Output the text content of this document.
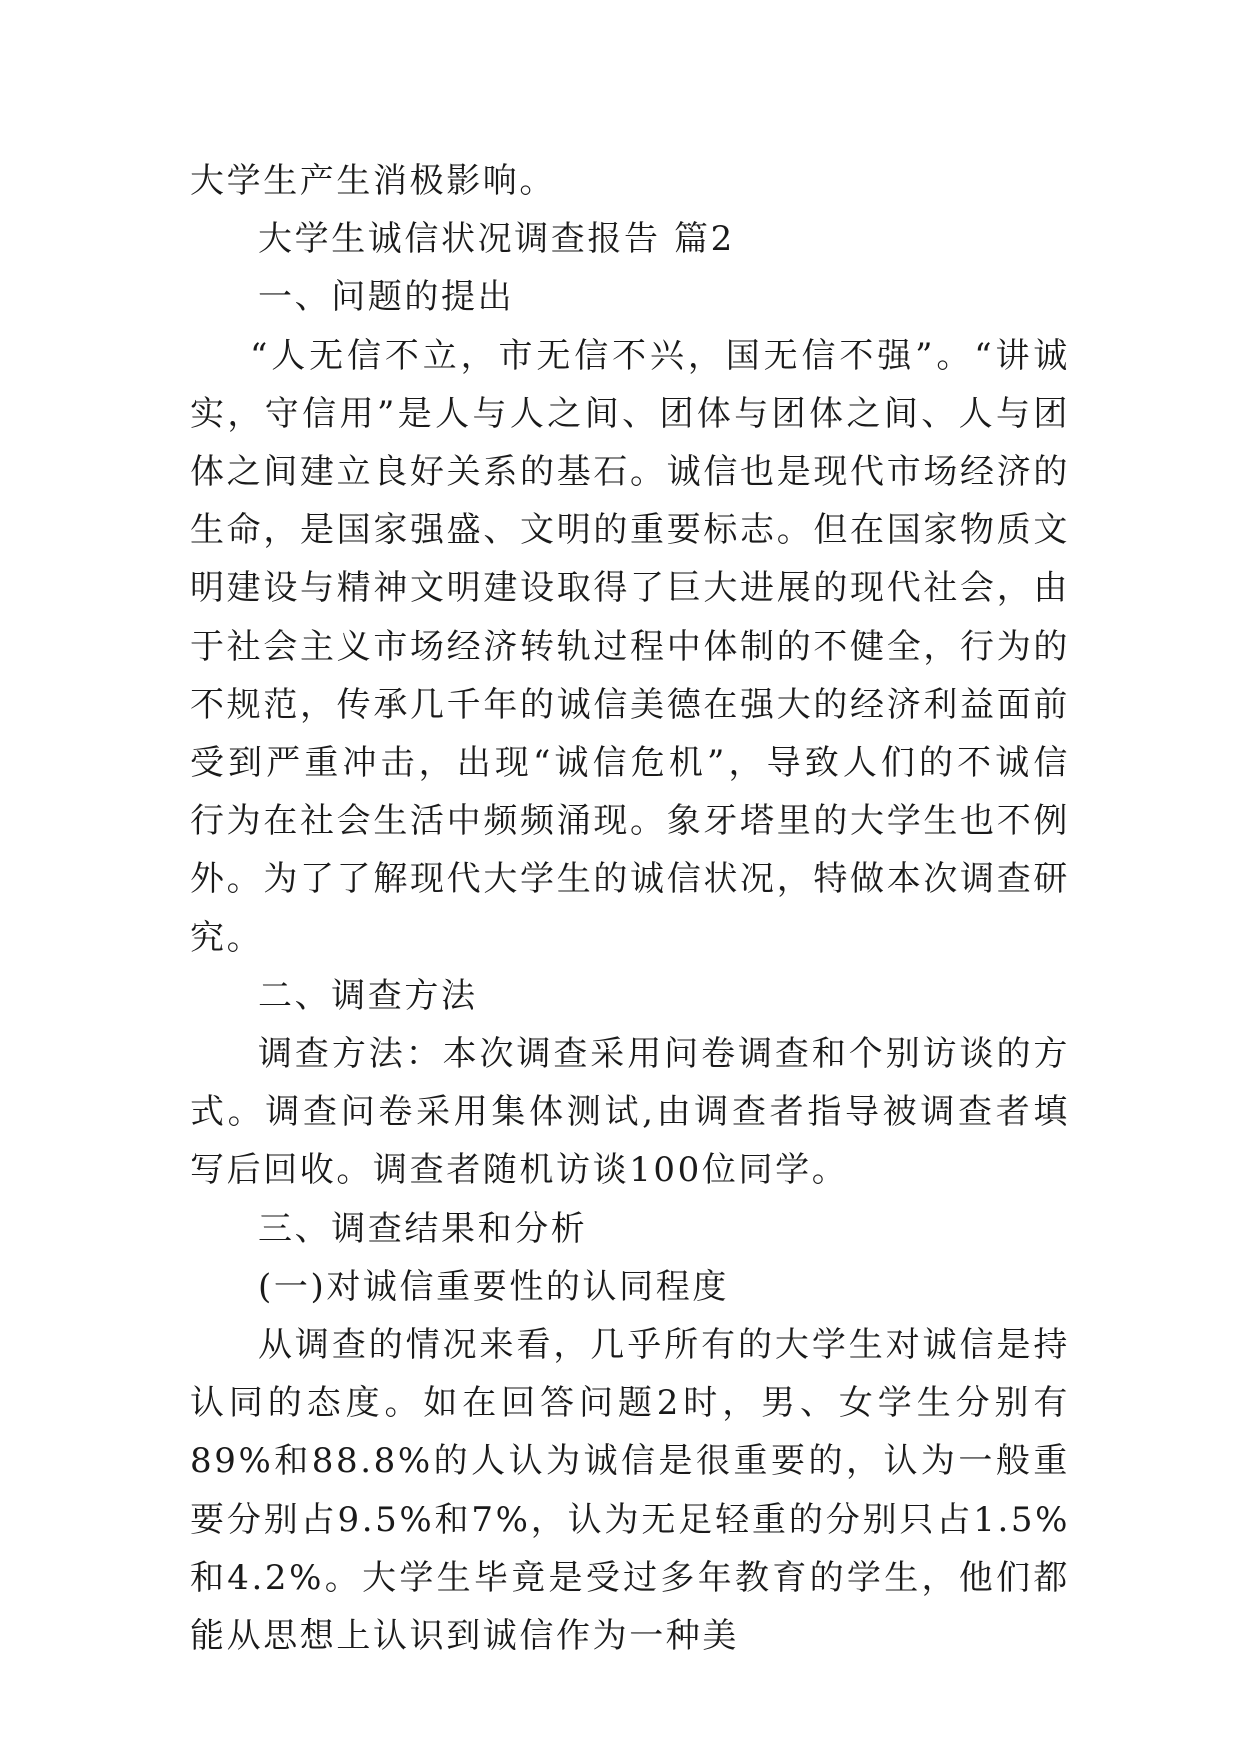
大学生产生消极影响。

大学生诚信状况调查报告 篇2

一、问题的提出

“人无信不立，市无信不兴，国无信不强”。“讲诚实，守信用”是人与人之间、团体与团体之间、人与团体之间建立良好关系的基石。诚信也是现代市场经济的生命，是国家强盛、文明的重要标志。但在国家物质文明建设与精神文明建设取得了巨大进展的现代社会，由于社会主义市场经济转轨过程中体制的不健全，行为的不规范，传承几千年的诚信美德在强大的经济利益面前受到严重冲击，出现“诚信危机”，导致人们的不诚信行为在社会生活中频频涌现。象牙塔里的大学生也不例外。为了了解现代大学生的诚信状况，特做本次调查研究。

二、调查方法

调查方法：本次调查采用问卷调查和个别访谈的方式。调查问卷采用集体测试,由调查者指导被调查者填写后回收。调查者随机访谈100位同学。

三、调查结果和分析

(一)对诚信重要性的认同程度

从调查的情况来看，几乎所有的大学生对诚信是持认同的态度。如在回答问题2时，男、女学生分别有89%和88.8%的人认为诚信是很重要的，认为一般重要分别占9.5%和7%，认为无足轻重的分别只占1.5%和4.2%。大学生毕竟是受过多年教育的学生，他们都能从思想上认识到诚信作为一种美
